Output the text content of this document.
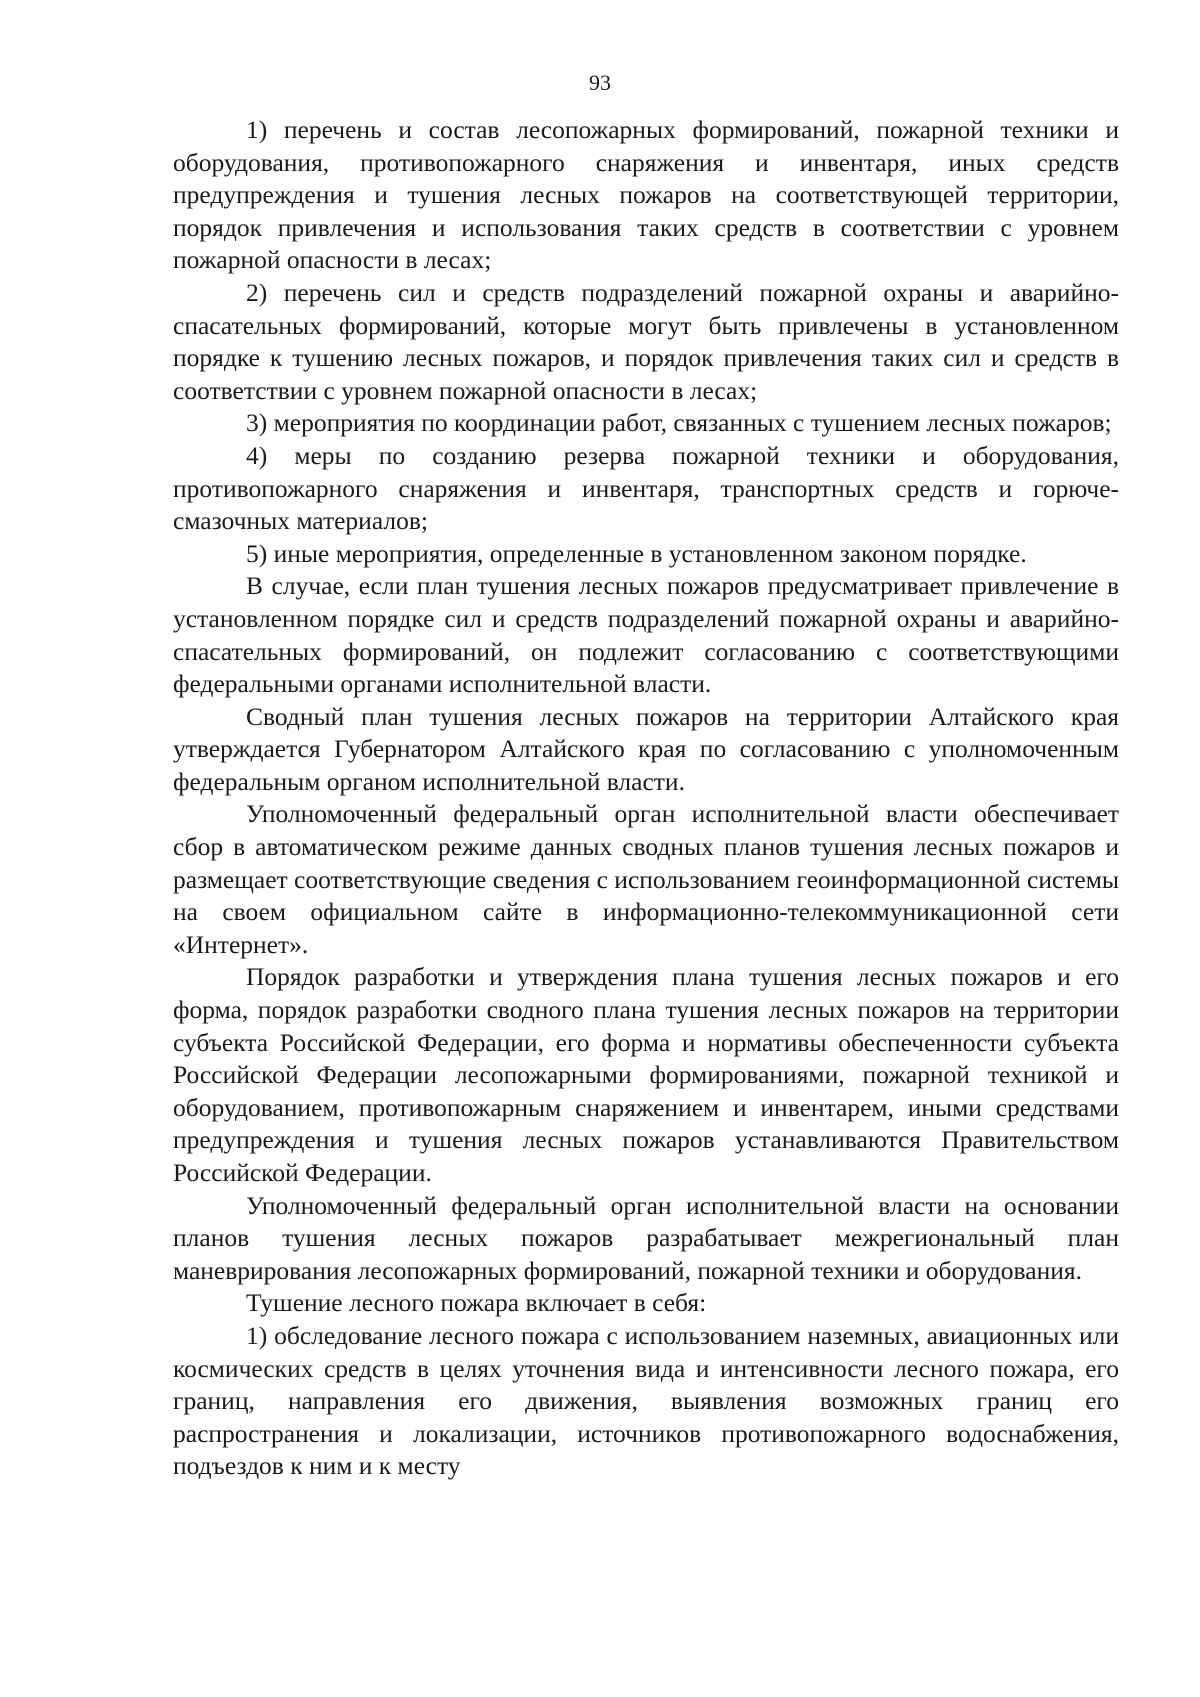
93

1) перечень и состав лесопожарных формирований, пожарной техники и оборудования, противопожарного снаряжения и инвентаря, иных средств предупреждения и тушения лесных пожаров на соответствующей территории, порядок привлечения и использования таких средств в соответствии с уровнем пожарной опасности в лесах;

2) перечень сил и средств подразделений пожарной охраны и аварийно-спасательных формирований, которые могут быть привлечены в установленном порядке к тушению лесных пожаров, и порядок привлечения таких сил и средств в соответствии с уровнем пожарной опасности в лесах;

3) мероприятия по координации работ, связанных с тушением лесных пожаров;

4) меры по созданию резерва пожарной техники и оборудования, противопожарного снаряжения и инвентаря, транспортных средств и горюче-смазочных материалов;

5) иные мероприятия, определенные в установленном законом порядке.

В случае, если план тушения лесных пожаров предусматривает привлечение в установленном порядке сил и средств подразделений пожарной охраны и аварийно-спасательных формирований, он подлежит согласованию с соответствующими федеральными органами исполнительной власти.

Сводный план тушения лесных пожаров на территории Алтайского края утверждается Губернатором Алтайского края по согласованию с уполномоченным федеральным органом исполнительной власти.

Уполномоченный федеральный орган исполнительной власти обеспечивает сбор в автоматическом режиме данных сводных планов тушения лесных пожаров и размещает соответствующие сведения с использованием геоинформационной системы на своем официальном сайте в информационно-телекоммуникационной сети «Интернет».

Порядок разработки и утверждения плана тушения лесных пожаров и его форма, порядок разработки сводного плана тушения лесных пожаров на территории субъекта Российской Федерации, его форма и нормативы обеспеченности субъекта Российской Федерации лесопожарными формированиями, пожарной техникой и оборудованием, противопожарным снаряжением и инвентарем, иными средствами предупреждения и тушения лесных пожаров устанавливаются Правительством Российской Федерации.

Уполномоченный федеральный орган исполнительной власти на основании планов тушения лесных пожаров разрабатывает межрегиональный план маневрирования лесопожарных формирований, пожарной техники и оборудования.

Тушение лесного пожара включает в себя:

1) обследование лесного пожара с использованием наземных, авиационных или космических средств в целях уточнения вида и интенсивности лесного пожара, его границ, направления его движения, выявления возможных границ его распространения и локализации, источников противопожарного водоснабжения, подъездов к ним и к месту
